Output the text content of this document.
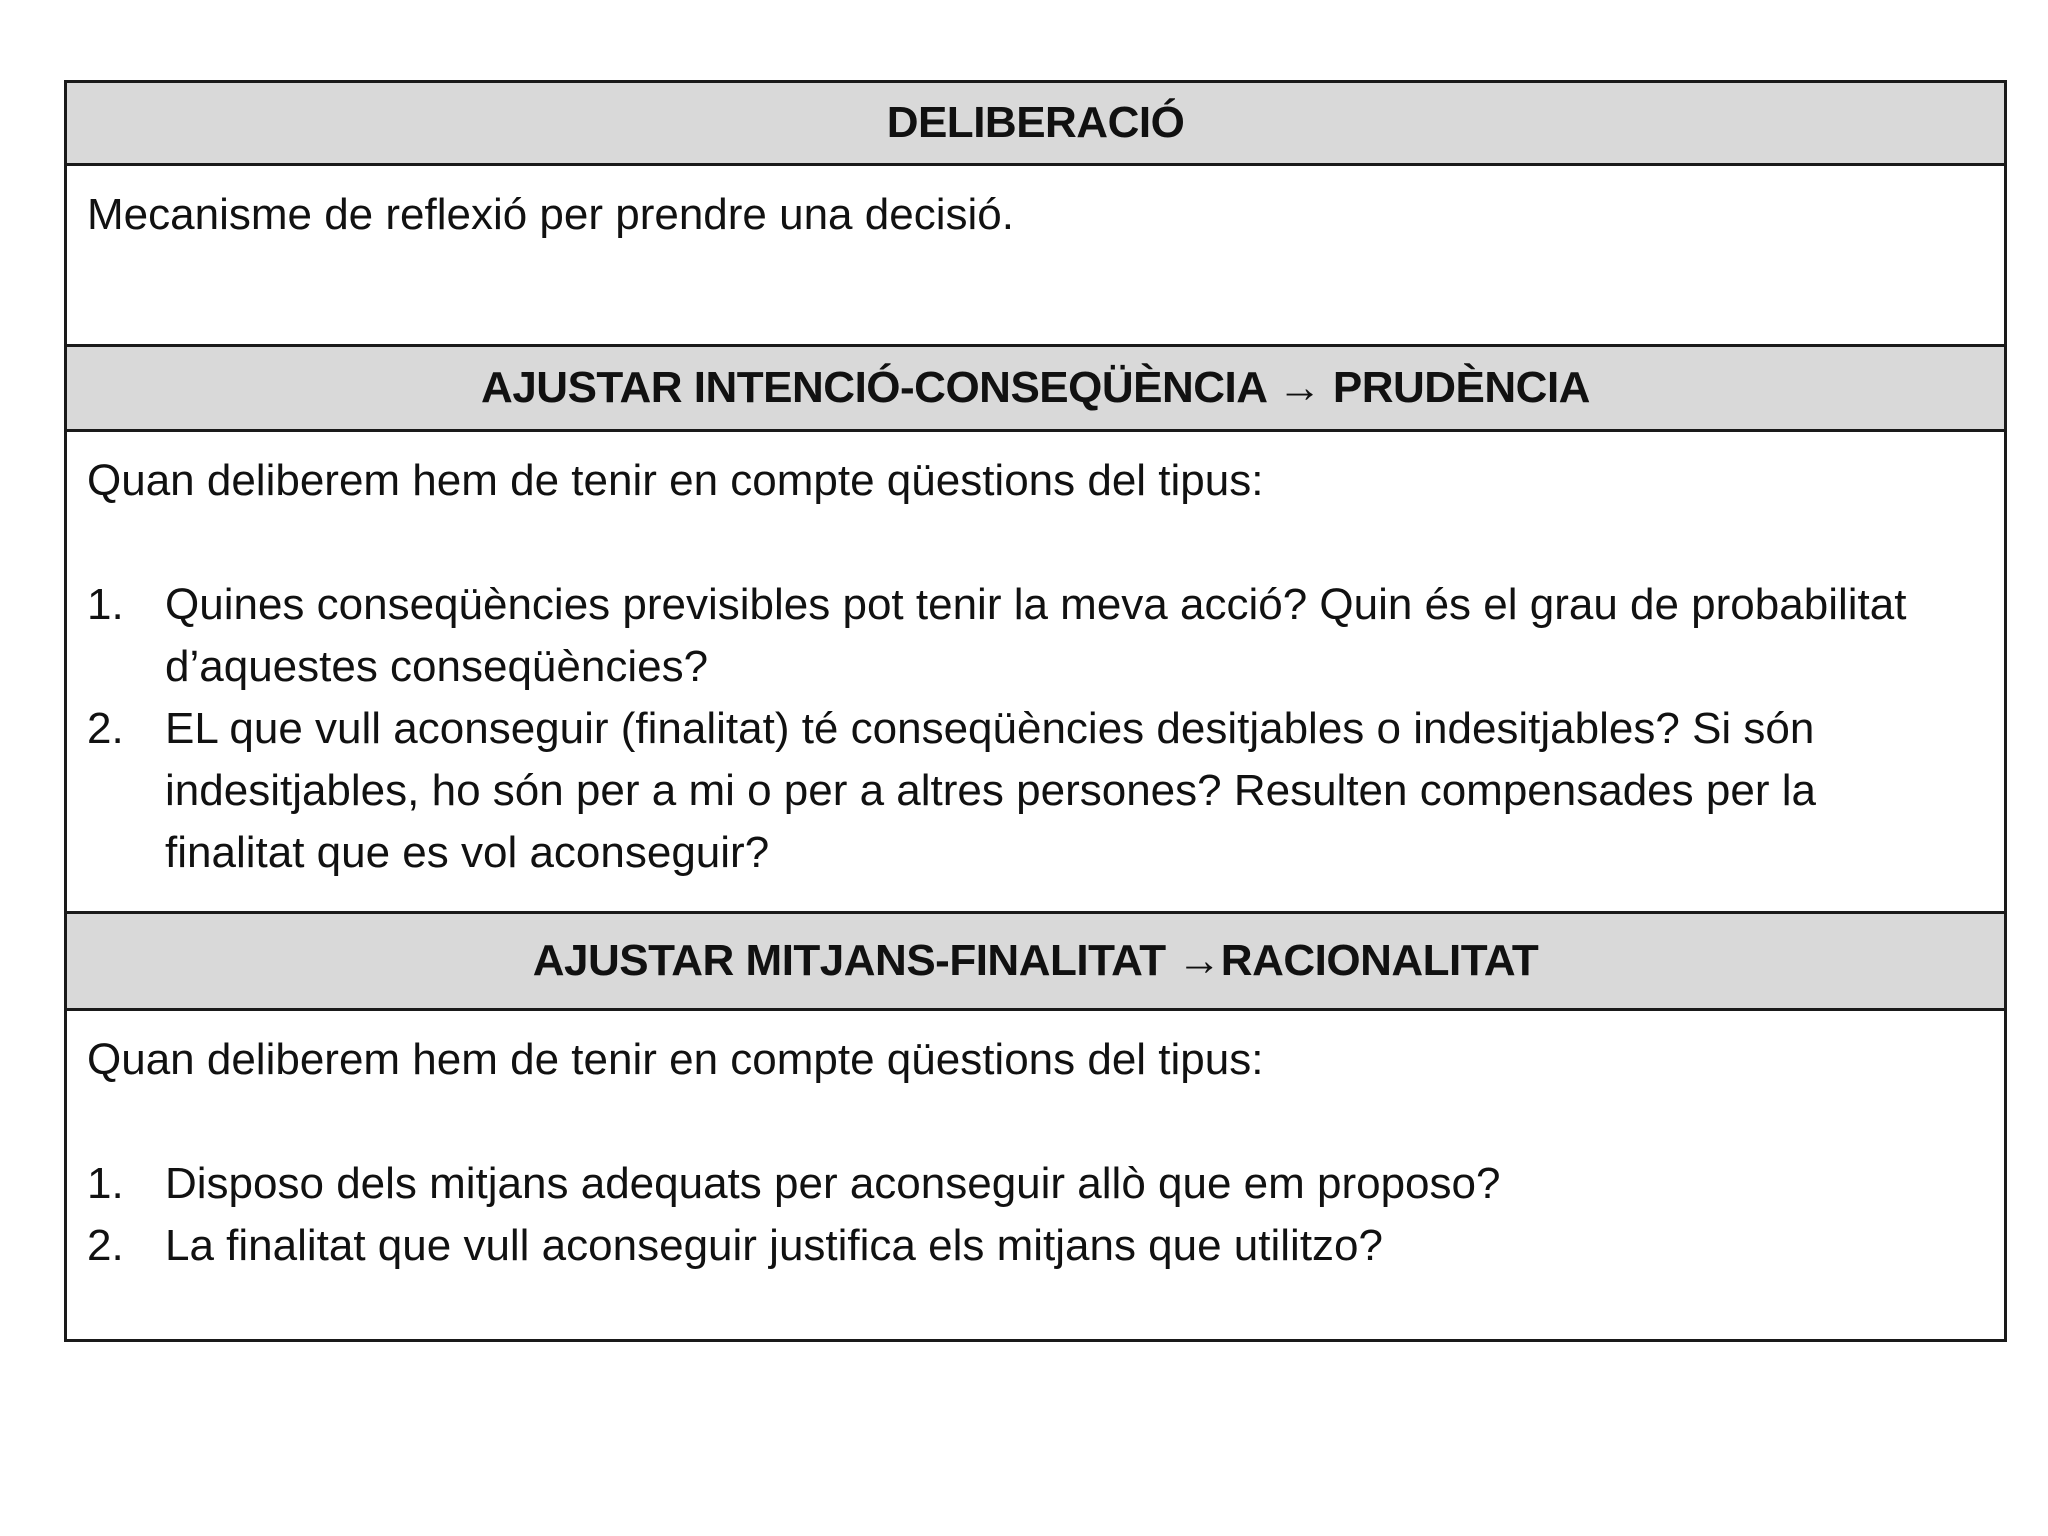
DELIBERACIÓ

Mecanisme de reflexió per prendre una decisió.

AJUSTAR INTENCIÓ-CONSEQÜÈNCIA → PRUDÈNCIA

Quan deliberem hem de tenir en compte qüestions del tipus:

1. Quines conseqüències previsibles pot tenir la meva acció? Quin és el grau de probabilitat d’aquestes conseqüències?
2. EL que vull aconseguir (finalitat) té conseqüències desitjables o indesitjables? Si són indesitjables, ho són per a mi o per a altres persones? Resulten compensades per la finalitat que es vol aconseguir?
AJUSTAR MITJANS-FINALITAT →RACIONALITAT

Quan deliberem hem de tenir en compte qüestions del tipus:

1. Disposo dels mitjans adequats per aconseguir allò que em proposo?
2. La finalitat que vull aconseguir justifica els mitjans que utilitzo?
